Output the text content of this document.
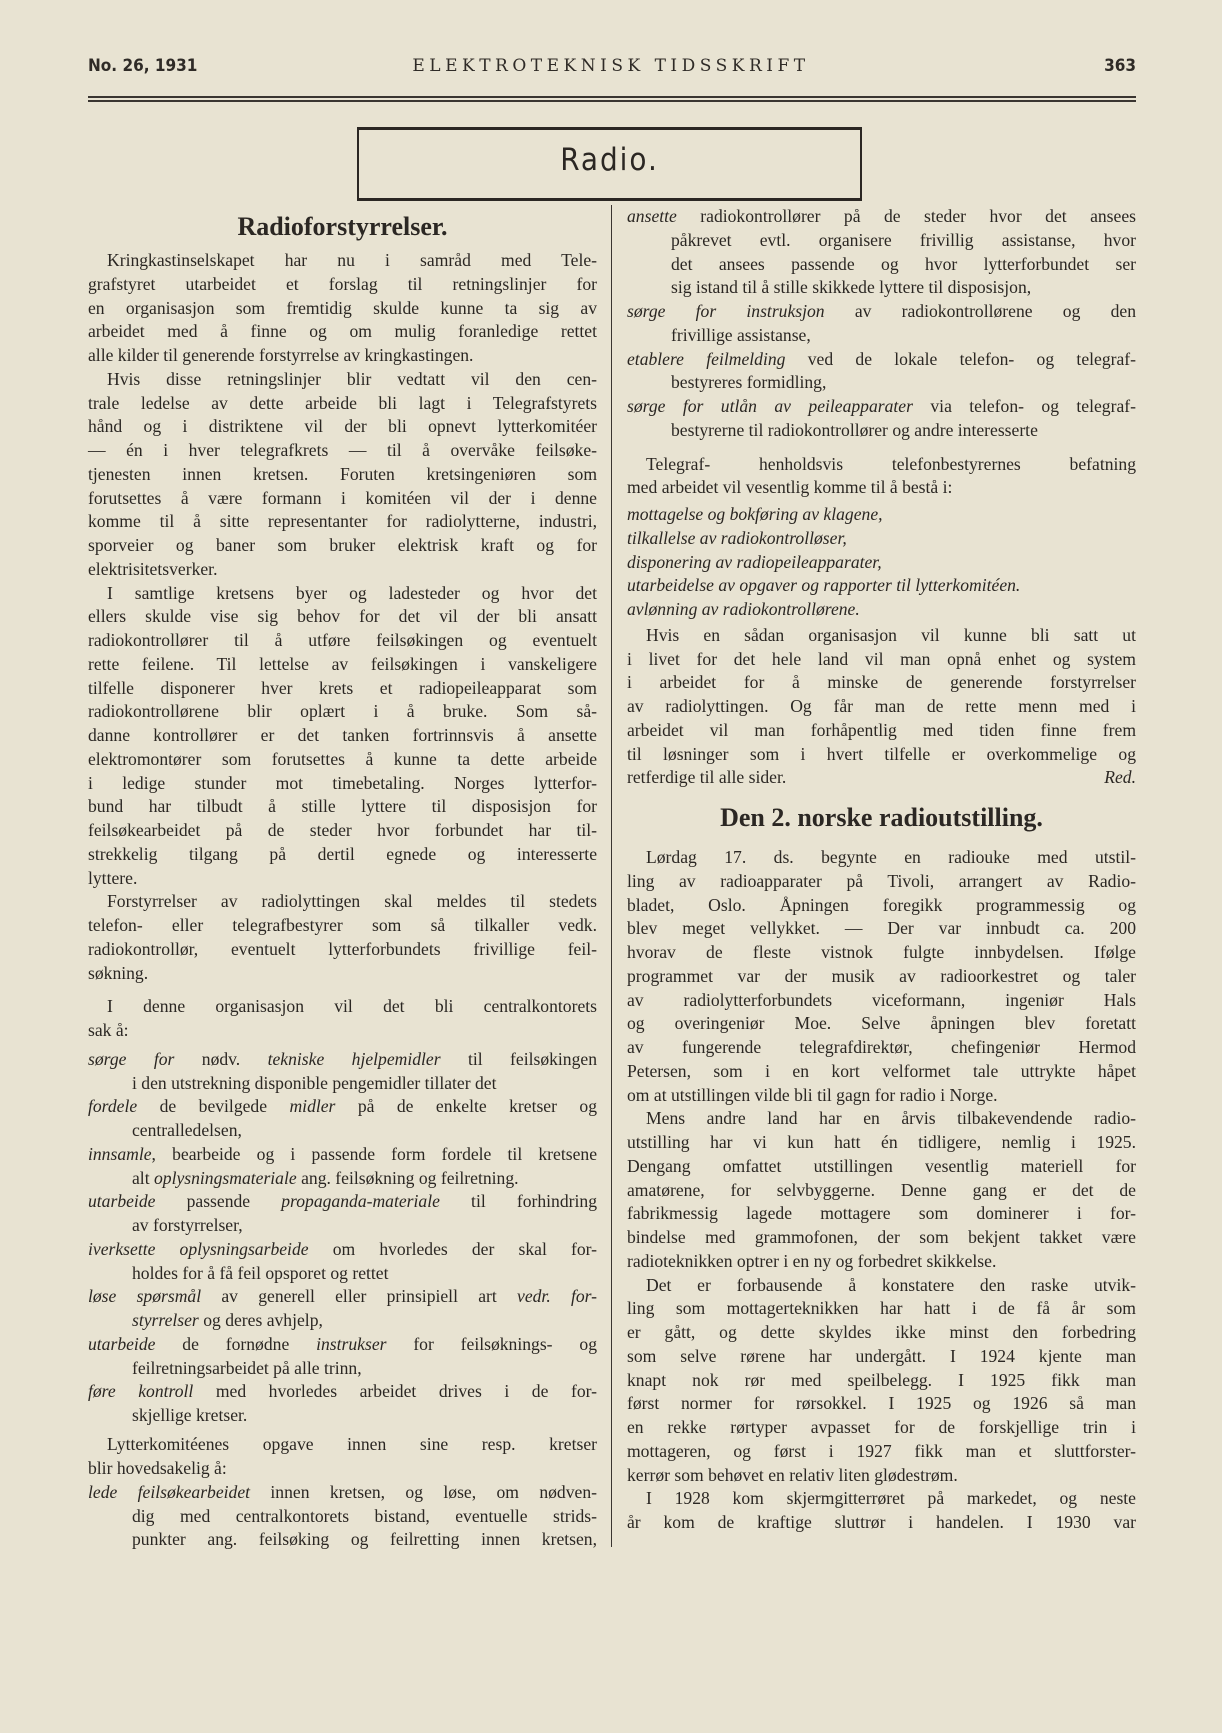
No. 26, 1931	ELEKTROTEKNISK TIDSSKRIFT	363
Radio.
Radioforstyrrelser.
Kringkastinselskapet har nu i samråd med Tele-
grafstyret utarbeidet et forslag til retningslinjer for
en organisasjon som fremtidig skulde kunne ta sig av
arbeidet med å finne og om mulig foranledige rettet
alle kilder til generende forstyrrelse av kringkastingen.
Hvis disse retningslinjer blir vedtatt vil den cen-
trale ledelse av dette arbeide bli lagt i Telegrafstyrets
hånd og i distriktene vil der bli opnevt lytterkomitéer
— én i hver telegrafkrets — til å overvåke feilsøke-
tjenesten innen kretsen. Foruten kretsingeniøren som
forutsettes å være formann i komitéen vil der i denne
komme til å sitte representanter for radiolytterne, industri,
sporveier og baner som bruker elektrisk kraft og for
elektrisitetsverker.
I samtlige kretsens byer og ladesteder og hvor det
ellers skulde vise sig behov for det vil der bli ansatt
radiokontrollører til å utføre feilsøkingen og eventuelt
rette feilene. Til lettelse av feilsøkingen i vanskeligere
tilfelle disponerer hver krets et radiopeileapparat som
radiokontrollørene blir oplært i å bruke. Som så-
danne kontrollører er det tanken fortrinnsvis å ansette
elektromontører som forutsettes å kunne ta dette arbeide
i ledige stunder mot timebetaling. Norges lytterfor-
bund har tilbudt å stille lyttere til disposisjon for
feilsøkearbeidet på de steder hvor forbundet har til-
strekkelig tilgang på dertil egnede og interesserte
lyttere.
Forstyrrelser av radiolyttingen skal meldes til stedets
telefon- eller telegrafbestyrer som så tilkaller vedk.
radiokontrollør, eventuelt lytterforbundets frivillige feil-
søkning.
I denne organisasjon vil det bli centralkontorets
sak å:
sørge for nødv. tekniske hjelpemidler til feilsøkingen
i den utstrekning disponible pengemidler tillater det
fordele de bevilgede midler på de enkelte kretser og
centralledelsen,
innsamle, bearbeide og i passende form fordele til kretsene
alt oplysningsmateriale ang. feilsøkning og feilretning.
utarbeide passende propaganda-materiale til forhindring
av forstyrrelser,
iverksette oplysningsarbeide om hvorledes der skal for-
holdes for å få feil opsporet og rettet
løse spørsmål av generell eller prinsipiell art vedr. for-
styrrelser og deres avhjelp,
utarbeide de fornødne instrukser for feilsøknings- og
feilretningsarbeidet på alle trinn,
føre kontroll med hvorledes arbeidet drives i de for-
skjellige kretser.
Lytterkomitéenes opgave innen sine resp. kretser
blir hovedsakelig å:
lede feilsøkearbeidet innen kretsen, og løse, om nødven-
dig med centralkontorets bistand, eventuelle strids-
punkter ang. feilsøking og feilretting innen kretsen,
ansette radiokontrollører på de steder hvor det ansees
påkrevet evtl. organisere frivillig assistanse, hvor
det ansees passende og hvor lytterforbundet ser
sig istand til å stille skikkede lyttere til disposisjon,
sørge for instruksjon av radiokontrollørene og den
frivillige assistanse,
etablere feilmelding ved de lokale telefon- og telegraf-
bestyreres formidling,
sørge for utlån av peileapparater via telefon- og telegraf-
bestyrerne til radiokontrollører og andre interesserte
Telegraf- henholdsvis telefonbestyrernes befatning
med arbeidet vil vesentlig komme til å bestå i:
mottagelse og bokføring av klagene,
tilkallelse av radiokontrolløser,
disponering av radiopeileapparater,
utarbeidelse av opgaver og rapporter til lytterkomitéen.
avlønning av radiokontrollørene.
Hvis en sådan organisasjon vil kunne bli satt ut
i livet for det hele land vil man opnå enhet og system
i arbeidet for å minske de generende forstyrrelser
av radiolyttingen. Og får man de rette menn med i
arbeidet vil man forhåpentlig med tiden finne frem
til løsninger som i hvert tilfelle er overkommelige og
retferdige til alle sider.	Red.
Den 2. norske radioutstilling.
Lørdag 17. ds. begynte en radiouke med utstil-
ling av radioapparater på Tivoli, arrangert av Radio-
bladet, Oslo. Åpningen foregikk programmessig og
blev meget vellykket. — Der var innbudt ca. 200
hvorav de fleste vistnok fulgte innbydelsen. Ifølge
programmet var der musik av radioorkestret og taler
av radiolytterforbundets viceformann, ingeniør Hals
og overingeniør Moe. Selve åpningen blev foretatt
av fungerende telegrafdirektør, chefingeniør Hermod
Petersen, som i en kort velformet tale uttrykte håpet
om at utstillingen vilde bli til gagn for radio i Norge.
Mens andre land har en årvis tilbakevendende radio-
utstilling har vi kun hatt én tidligere, nemlig i 1925.
Dengang omfattet utstillingen vesentlig materiell for
amatørene, for selvbyggerne. Denne gang er det de
fabrikmessig lagede mottagere som dominerer i for-
bindelse med grammofonen, der som bekjent takket være
radioteknikken optrer i en ny og forbedret skikkelse.
Det er forbausende å konstatere den raske utvik-
ling som mottagerteknikken har hatt i de få år som
er gått, og dette skyldes ikke minst den forbedring
som selve rørene har undergått. I 1924 kjente man
knapt nok rør med speilbelegg. I 1925 fikk man
først normer for rørsokkel. I 1925 og 1926 så man
en rekke rørtyper avpasset for de forskjellige trin i
mottageren, og først i 1927 fikk man et sluttforster-
kerrør som behøvet en relativ liten glødestrøm.
I 1928 kom skjermgitterrøret på markedet, og neste
år kom de kraftige sluttrør i handelen. I 1930 var
